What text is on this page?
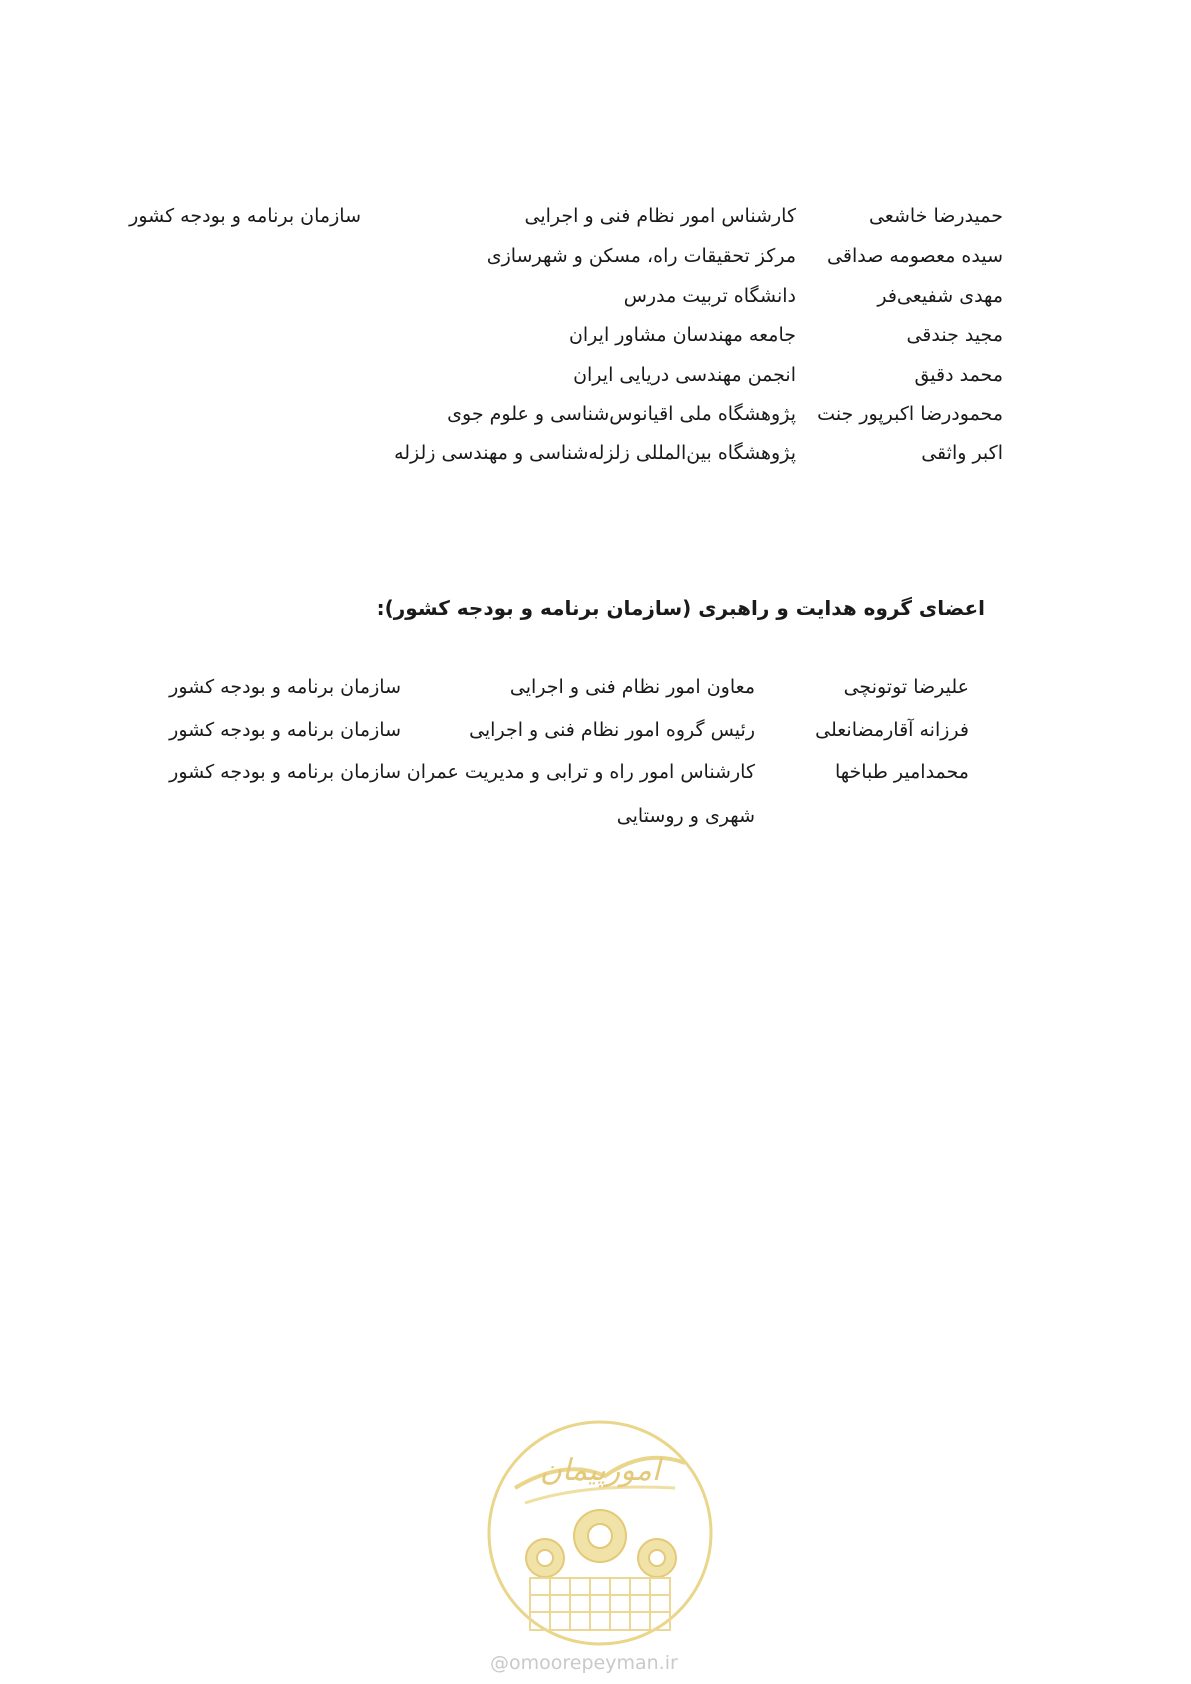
حمیدرضا خاشعی
کارشناس امور نظام فنی و اجرایی
سازمان برنامه و بودجه کشور
سیده معصومه صداقی
مرکز تحقیقات راه، مسکن و شهرسازی
مهدی شفیعی‌فر
دانشگاه تربیت مدرس
مجید جندقی
جامعه مهندسان مشاور ایران
محمد دقیق
انجمن مهندسی دریایی ایران
محمودرضا اکبرپور جنت
پژوهشگاه ملی اقیانوس‌شناسی و علوم جوی
اکبر واثقی
پژوهشگاه بین‌المللی زلزله‌شناسی و مهندسی زلزله
اعضای گروه هدایت و راهبری (سازمان برنامه و بودجه کشور):
علیرضا توتونچی
معاون امور نظام فنی و اجرایی
سازمان برنامه و بودجه کشور
فرزانه آقارمضانعلی
رئیس گروه امور نظام فنی و اجرایی
سازمان برنامه و بودجه کشور
محمدامیر طباخها
کارشناس امور راه و ترابی و مدیریت عمران
شهری و روستایی
سازمان برنامه و بودجه کشور
امورپیمان
@omoorepeyman.ir
